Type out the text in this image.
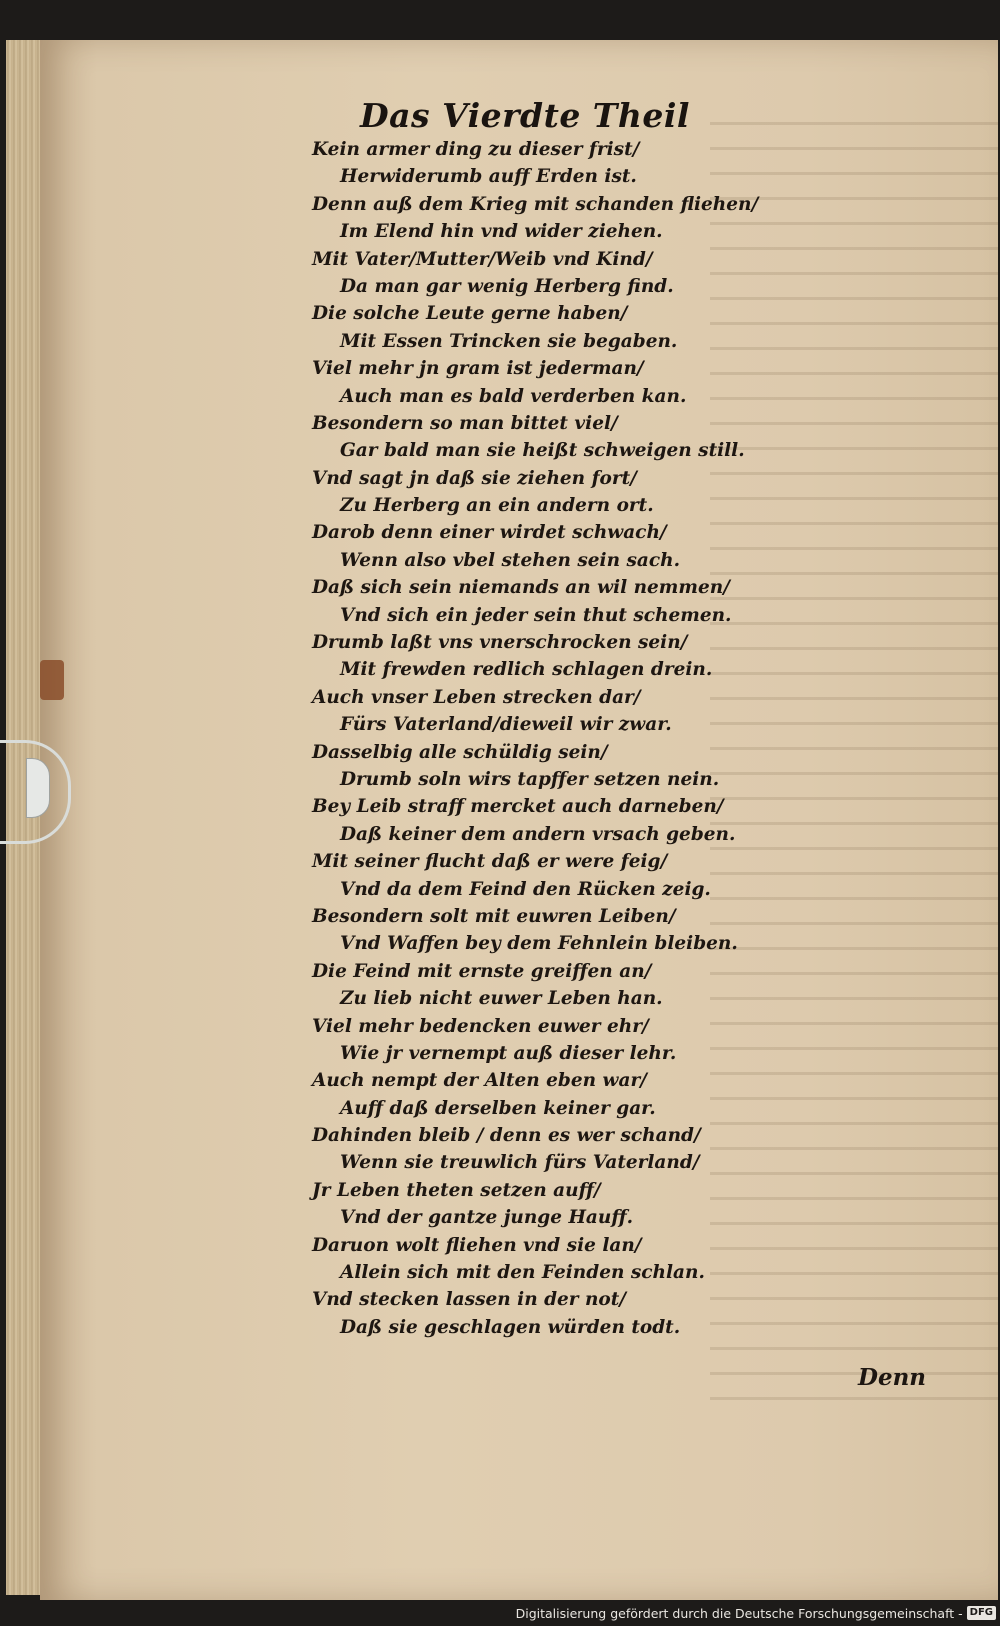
Das Vierdte Theil
Kein armer ding zu dieser frist/
Herwiderumb auff Erden ist.
Denn auß dem Krieg mit schanden fliehen/
Im Elend hin vnd wider ziehen.
Mit Vater/Mutter/Weib vnd Kind/
Da man gar wenig Herberg find.
Die solche Leute gerne haben/
Mit Essen Trincken sie begaben.
Viel mehr jn gram ist jederman/
Auch man es bald verderben kan.
Besondern so man bittet viel/
Gar bald man sie heißt schweigen still.
Vnd sagt jn daß sie ziehen fort/
Zu Herberg an ein andern ort.
Darob denn einer wirdet schwach/
Wenn also vbel stehen sein sach.
Daß sich sein niemands an wil nemmen/
Vnd sich ein jeder sein thut schemen.
Drumb laßt vns vnerschrocken sein/
Mit frewden redlich schlagen drein.
Auch vnser Leben strecken dar/
Fürs Vaterland/dieweil wir zwar.
Dasselbig alle schüldig sein/
Drumb soln wirs tapffer setzen nein.
Bey Leib straff mercket auch darneben/
Daß keiner dem andern vrsach geben.
Mit seiner flucht daß er were feig/
Vnd da dem Feind den Rücken zeig.
Besondern solt mit euwren Leiben/
Vnd Waffen bey dem Fehnlein bleiben.
Die Feind mit ernste greiffen an/
Zu lieb nicht euwer Leben han.
Viel mehr bedencken euwer ehr/
Wie jr vernempt auß dieser lehr.
Auch nempt der Alten eben war/
Auff daß derselben keiner gar.
Dahinden bleib / denn es wer schand/
Wenn sie treuwlich fürs Vaterland/
Jr Leben theten setzen auff/
Vnd der gantze junge Hauff.
Daruon wolt fliehen vnd sie lan/
Allein sich mit den Feinden schlan.
Vnd stecken lassen in der not/
Daß sie geschlagen würden todt.
Denn
Digitalisierung gefördert durch die Deutsche Forschungsgemeinschaft - DFG
